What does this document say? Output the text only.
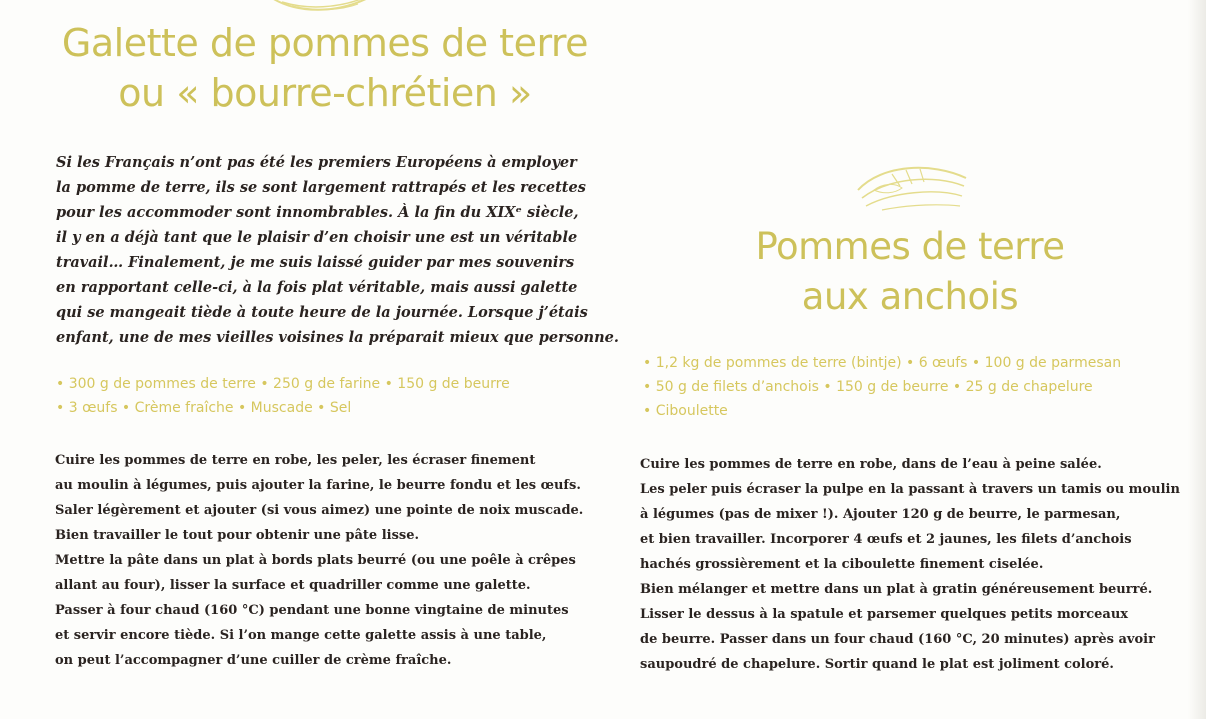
Galette de pommes de terre
ou « bourre-chrétien »
Si les Français n’ont pas été les premiers Européens à employer
la pomme de terre, ils se sont largement rattrapés et les recettes
pour les accommoder sont innombrables. À la fin du XIXᵉ siècle,
il y en a déjà tant que le plaisir d’en choisir une est un véritable
travail… Finalement, je me suis laissé guider par mes souvenirs
en rapportant celle-ci, à la fois plat véritable, mais aussi galette
qui se mangeait tiède à toute heure de la journée. Lorsque j’étais
enfant, une de mes vieilles voisines la préparait mieux que personne.
• 300 g de pommes de terre • 250 g de farine • 150 g de beurre
• 3 œufs • Crème fraîche • Muscade • Sel
Cuire les pommes de terre en robe, les peler, les écraser finement
au moulin à légumes, puis ajouter la farine, le beurre fondu et les œufs.
Saler légèrement et ajouter (si vous aimez) une pointe de noix muscade.
Bien travailler le tout pour obtenir une pâte lisse.
Mettre la pâte dans un plat à bords plats beurré (ou une poêle à crêpes
allant au four), lisser la surface et quadriller comme une galette.
Passer à four chaud (160 °C) pendant une bonne vingtaine de minutes
et servir encore tiède. Si l’on mange cette galette assis à une table,
on peut l’accompagner d’une cuiller de crème fraîche.
Pommes de terre
aux anchois
• 1,2 kg de pommes de terre (bintje) • 6 œufs • 100 g de parmesan
• 50 g de filets d’anchois • 150 g de beurre • 25 g de chapelure
• Ciboulette
Cuire les pommes de terre en robe, dans de l’eau à peine salée.
Les peler puis écraser la pulpe en la passant à travers un tamis ou moulin
à légumes (pas de mixer !). Ajouter 120 g de beurre, le parmesan,
et bien travailler. Incorporer 4 œufs et 2 jaunes, les filets d’anchois
hachés grossièrement et la ciboulette finement ciselée.
Bien mélanger et mettre dans un plat à gratin généreusement beurré.
Lisser le dessus à la spatule et parsemer quelques petits morceaux
de beurre. Passer dans un four chaud (160 °C, 20 minutes) après avoir
saupoudré de chapelure. Sortir quand le plat est joliment coloré.
